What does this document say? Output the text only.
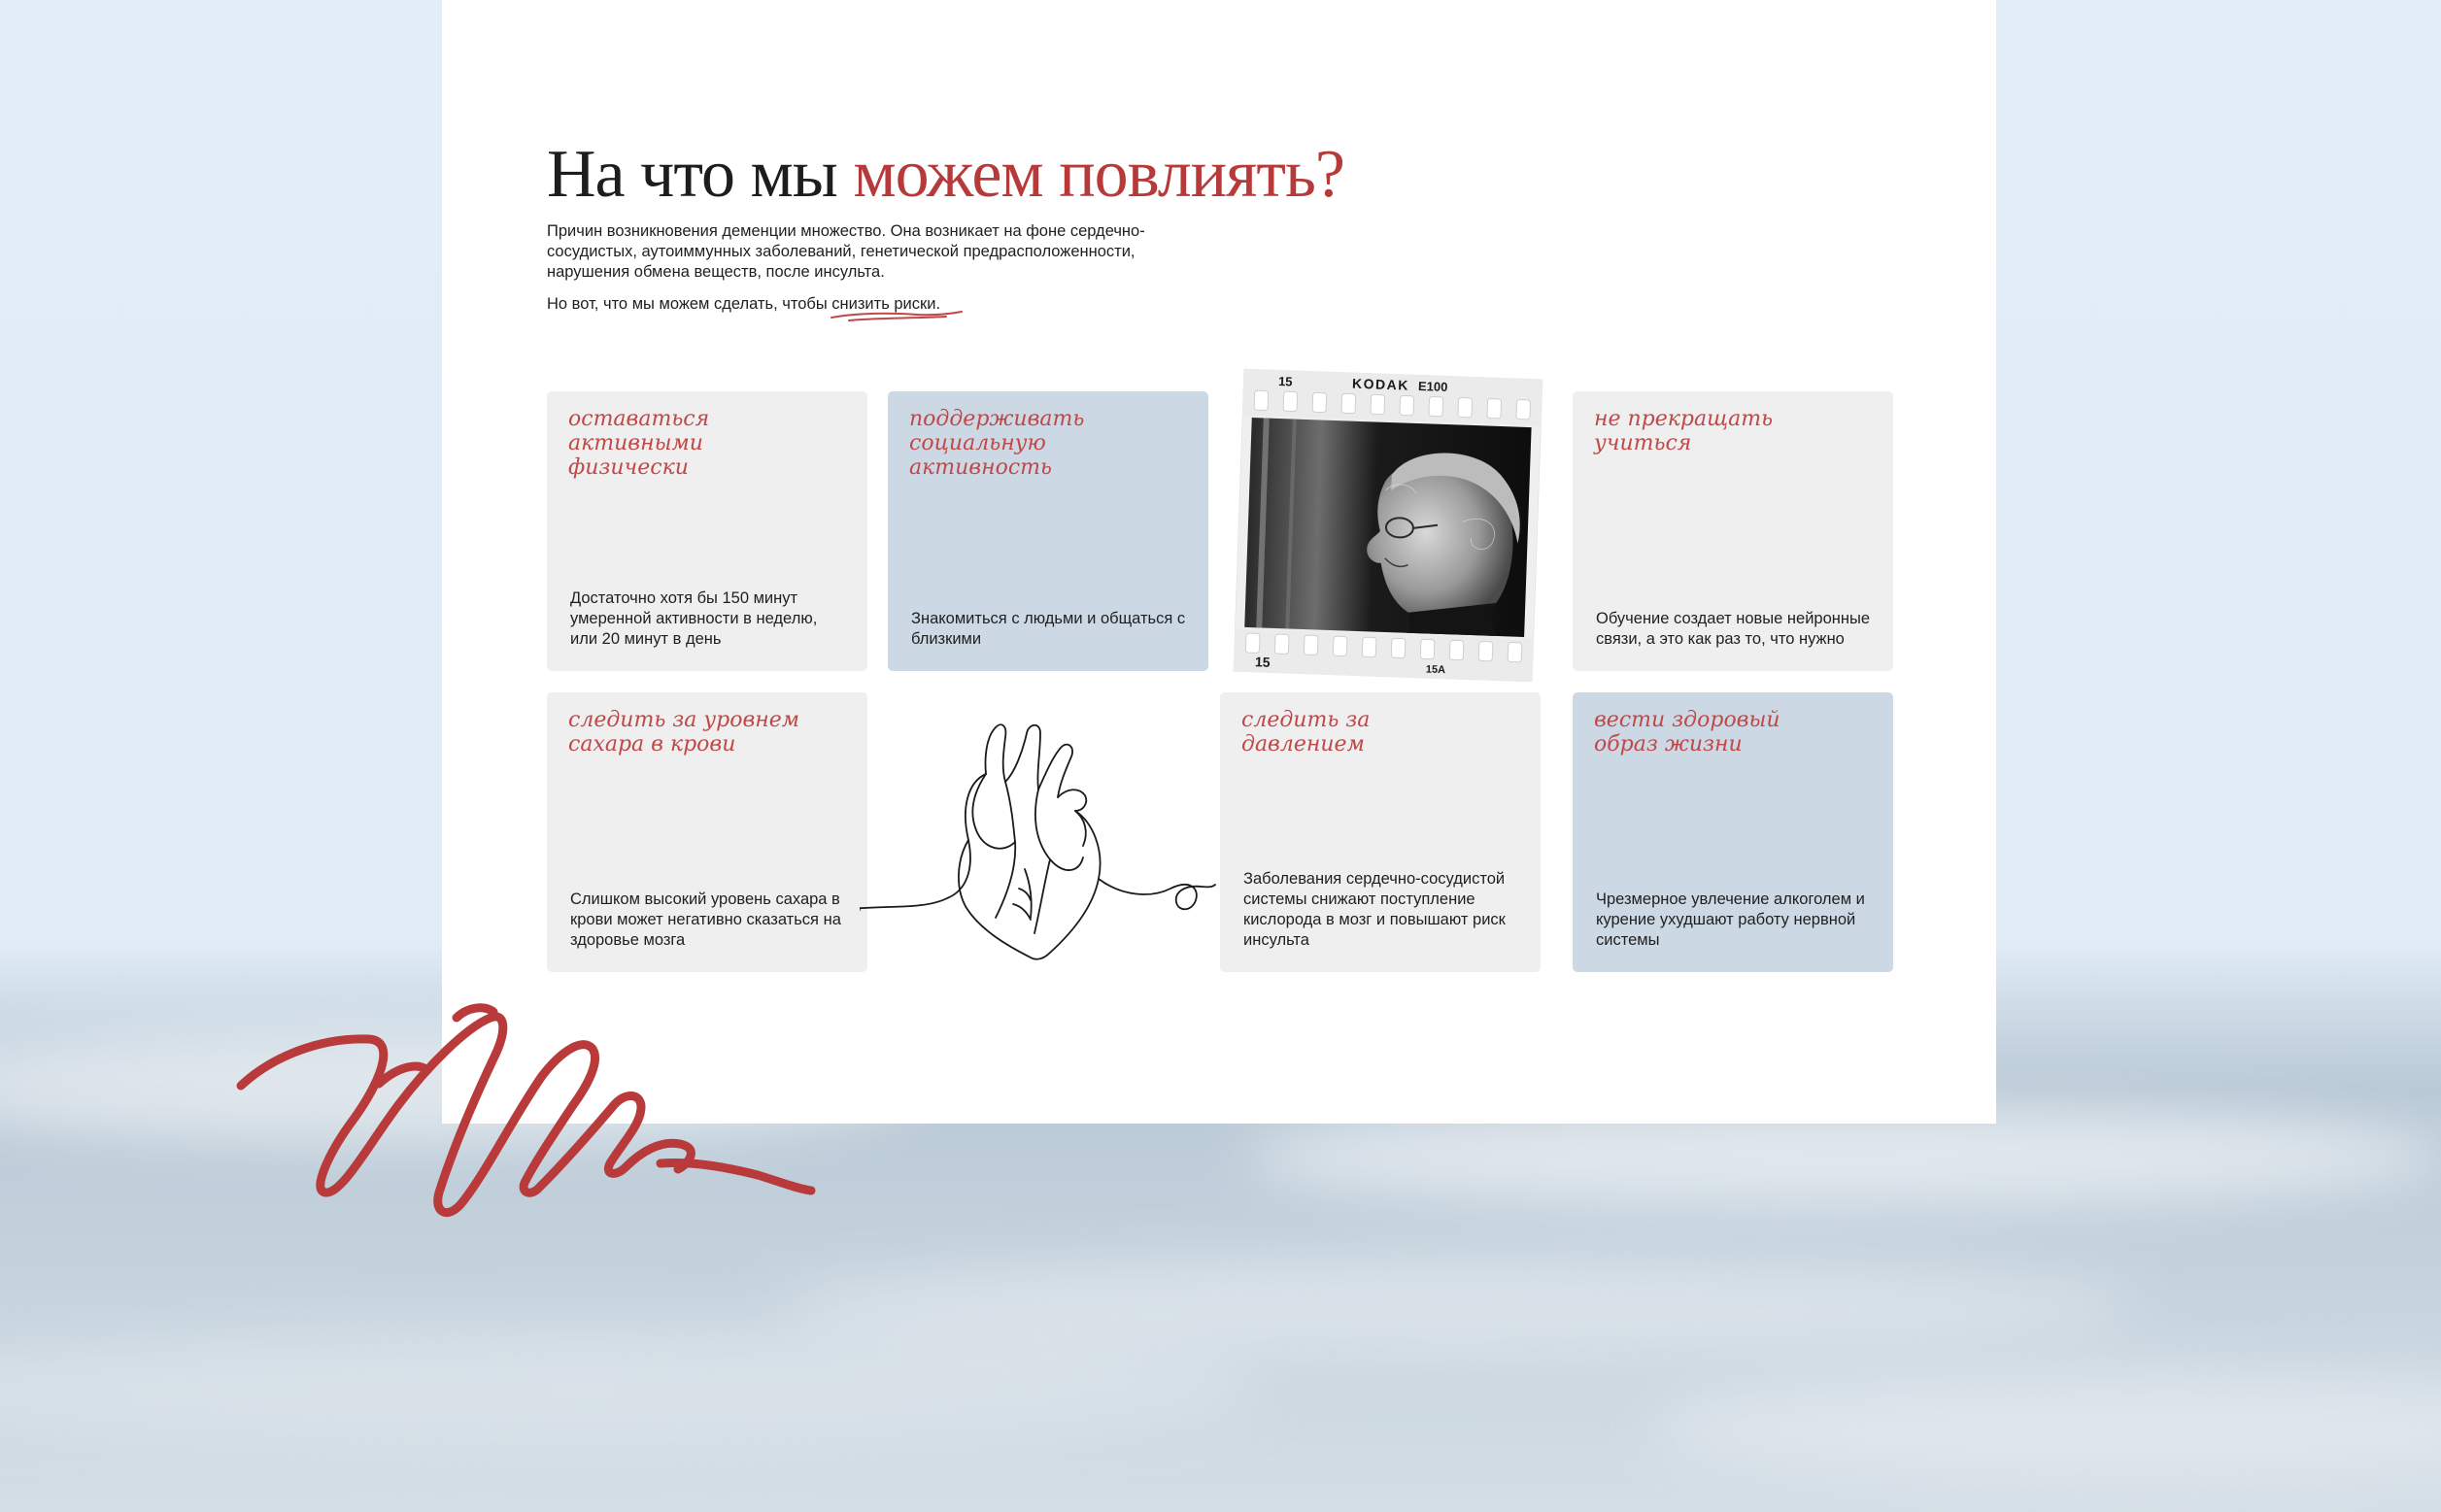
На что мы можем повлиять?

Причин возникновения деменции множество. Она возникает на фоне сердечно-сосудистых, аутоиммунных заболеваний, генетической предрасположенности, нарушения обмена веществ, после инсульта.

Но вот, что мы можем сделать, чтобы снизить риски.

оставаться активными физически

Достаточно хотя бы 150 минут умеренной активности в неделю, или 20 минут в день

поддерживать социальную активность

Знакомиться с людьми и общаться с близкими

не прекращать учиться

Обучение создает новые нейронные связи, а это как раз то, что нужно

следить за уровнем сахара в крови

Слишком высокий уровень сахара в крови может негативно сказаться на здоровье мозга

следить за давлением

Заболевания сердечно-сосудистой системы снижают поступление кислорода в мозг и повышают риск инсульта

вести здоровый образ жизни

Чрезмерное увлечение алкоголем и курение ухудшают работу нервной системы

15	KODAK E100
15	15A
